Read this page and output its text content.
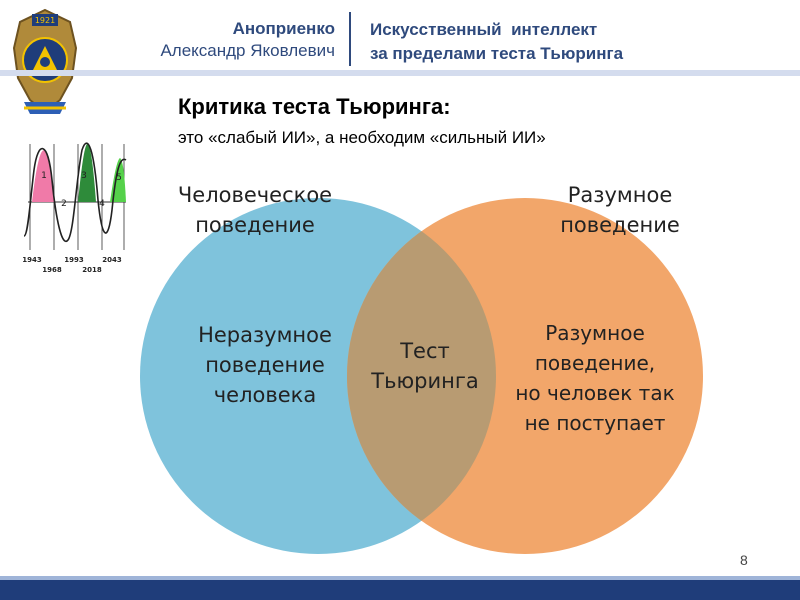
1921	Аноприенко
Александр Яковлевич
Искусственный  интеллект
за пределами теста Тьюринга
1
2
3
4
5
1943	1993	2043
1968	2018
Критика теста Тьюринга:
это «слабый ИИ», а необходим «сильный ИИ»
Человеческое
поведение
Разумное
поведение
Неразумное
поведение
человека
Тест
Тьюринга
Разумное
поведение,
но человек так
не поступает
8
